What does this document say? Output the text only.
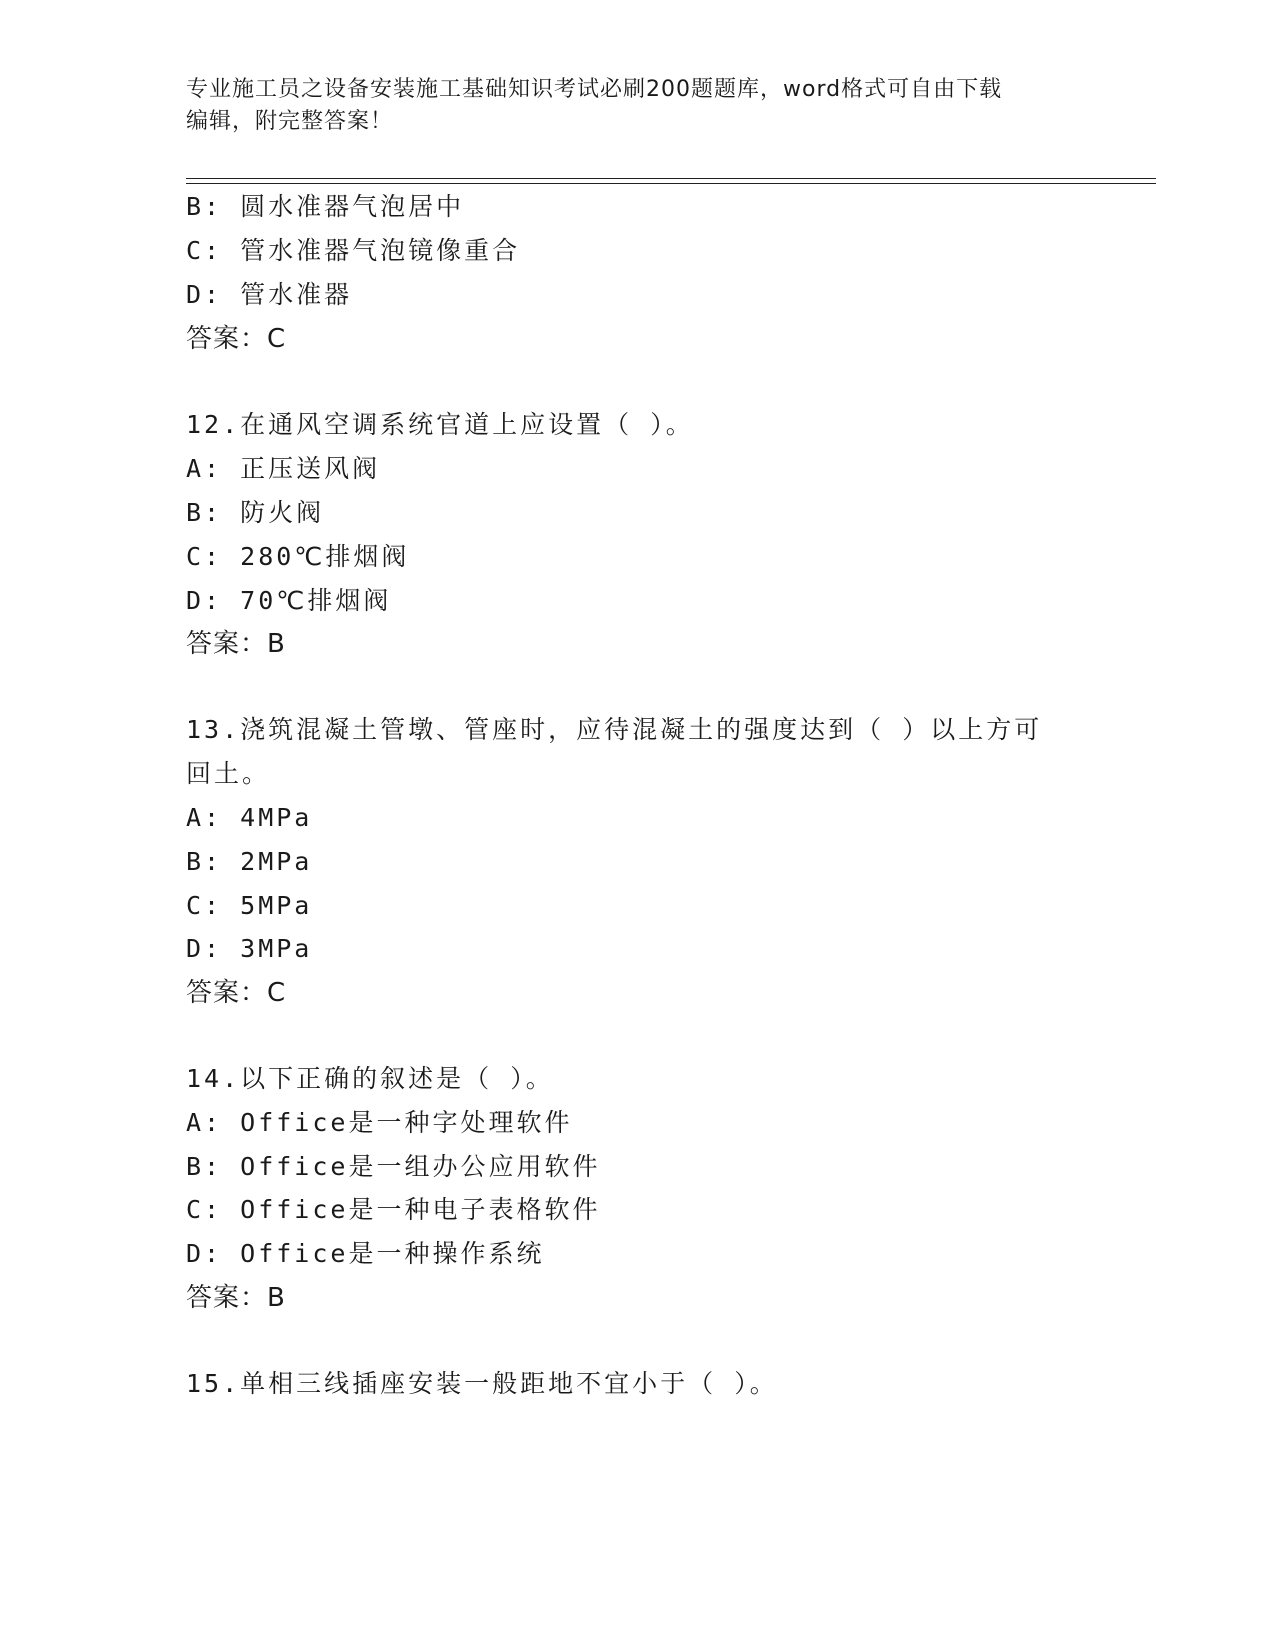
专业施工员之设备安装施工基础知识考试必刷200题题库，word格式可自由下载
编辑，附完整答案！
B: 圆水准器气泡居中
C: 管水准器气泡镜像重合
D: 管水准器
答案：C
12.在通风空调系统官道上应设置（ ）。
A: 正压送风阀
B: 防火阀
C: 280℃排烟阀
D: 70℃排烟阀
答案：B
13.浇筑混凝土管墩、管座时，应待混凝土的强度达到（ ）以上方可
回土。
A: 4MPa
B: 2MPa
C: 5MPa
D: 3MPa
答案：C
14.以下正确的叙述是（ ）。
A: Office是一种字处理软件
B: Office是一组办公应用软件
C: Office是一种电子表格软件
D: Office是一种操作系统
答案：B
15.单相三线插座安装一般距地不宜小于（ ）。
